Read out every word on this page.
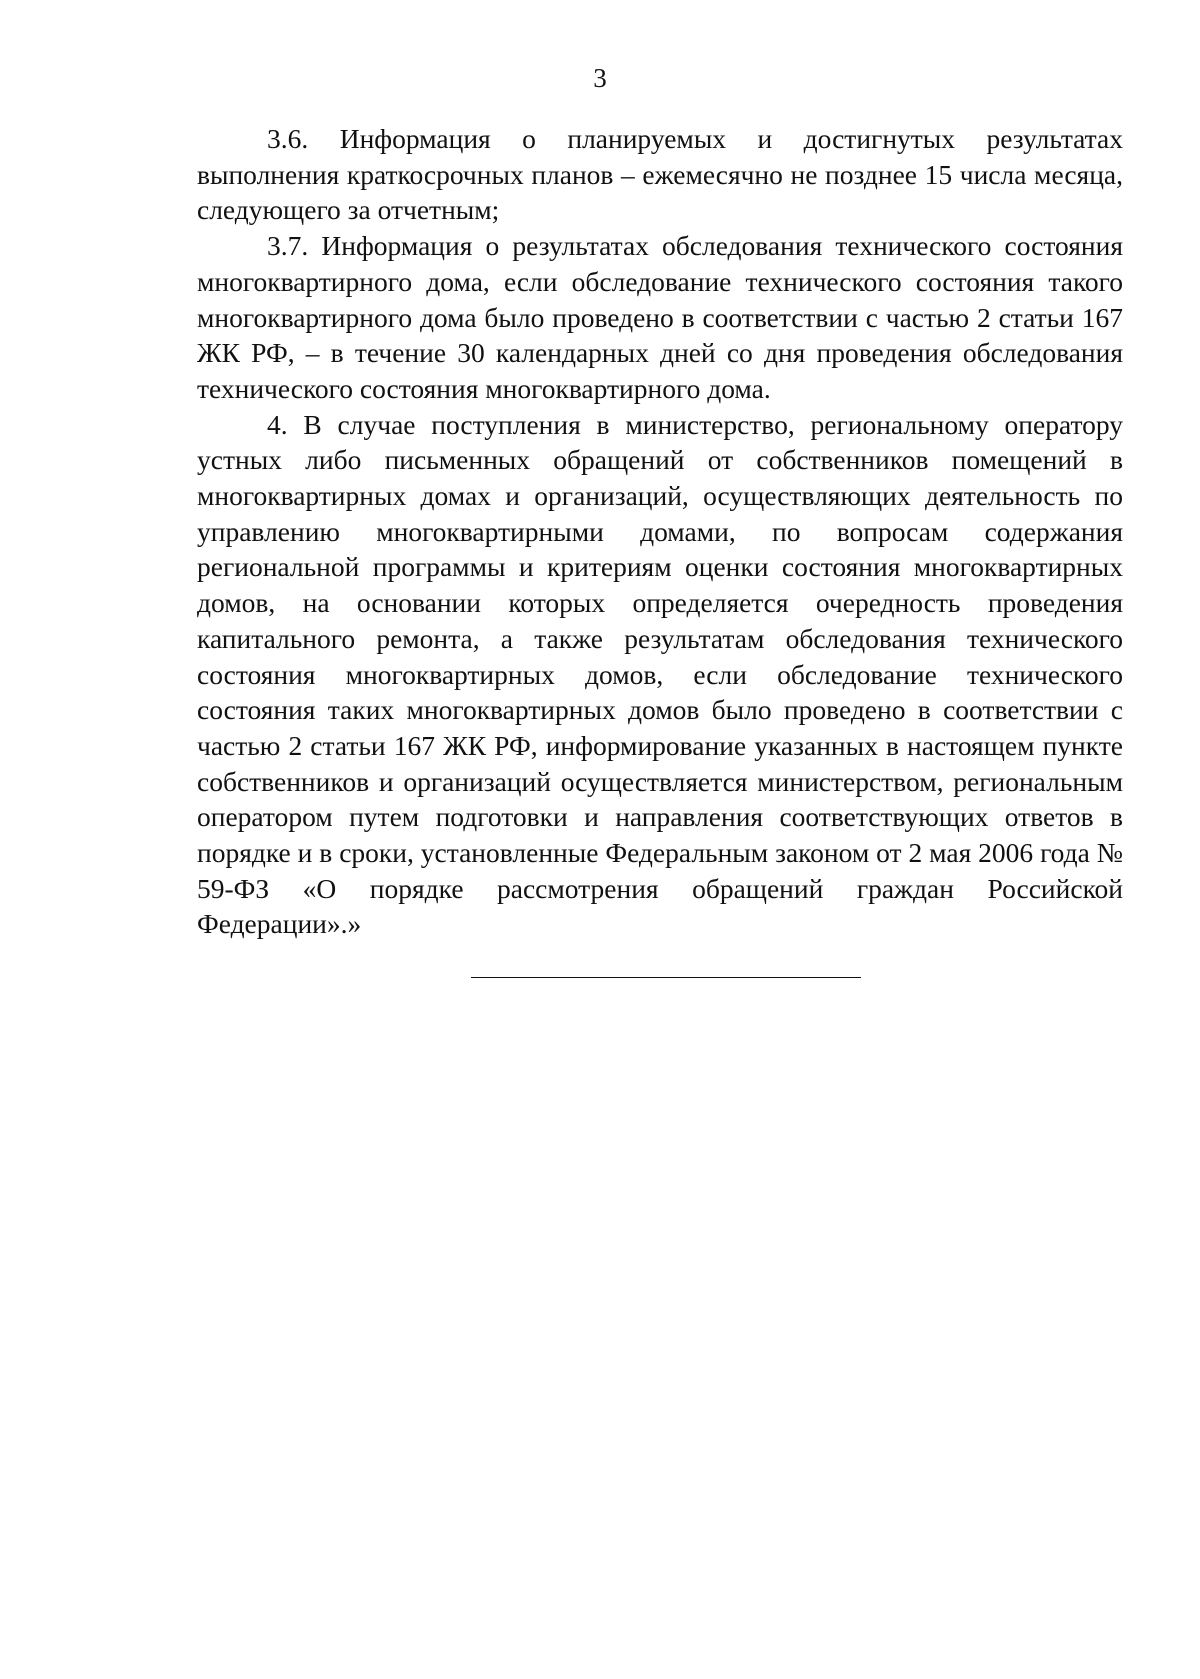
3

3.6. Информация о планируемых и достигнутых результатах выполнения краткосрочных планов – ежемесячно не позднее 15 числа месяца, следующего за отчетным;

3.7. Информация о результатах обследования технического состояния многоквартирного дома, если обследование технического состояния такого многоквартирного дома было проведено в соответствии с частью 2 статьи 167 ЖК РФ, – в течение 30 календарных дней со дня проведения обследования технического состояния многоквартирного дома.

4. В случае поступления в министерство, региональному оператору устных либо письменных обращений от собственников помещений в многоквартирных домах и организаций, осуществляющих деятельность по управлению многоквартирными домами, по вопросам содержания региональной программы и критериям оценки состояния многоквартирных домов, на основании которых определяется очередность проведения капитального ремонта, а также результатам обследования технического состояния многоквартирных домов, если обследование технического состояния таких многоквартирных домов было проведено в соответствии с частью 2 статьи 167 ЖК РФ, информирование указанных в настоящем пункте собственников и организаций осуществляется министерством, региональным оператором путем подготовки и направления соответствующих ответов в порядке и в сроки, установленные Федеральным законом от 2 мая 2006 года № 59-ФЗ «О порядке рассмотрения обращений граждан Российской Федерации».»
